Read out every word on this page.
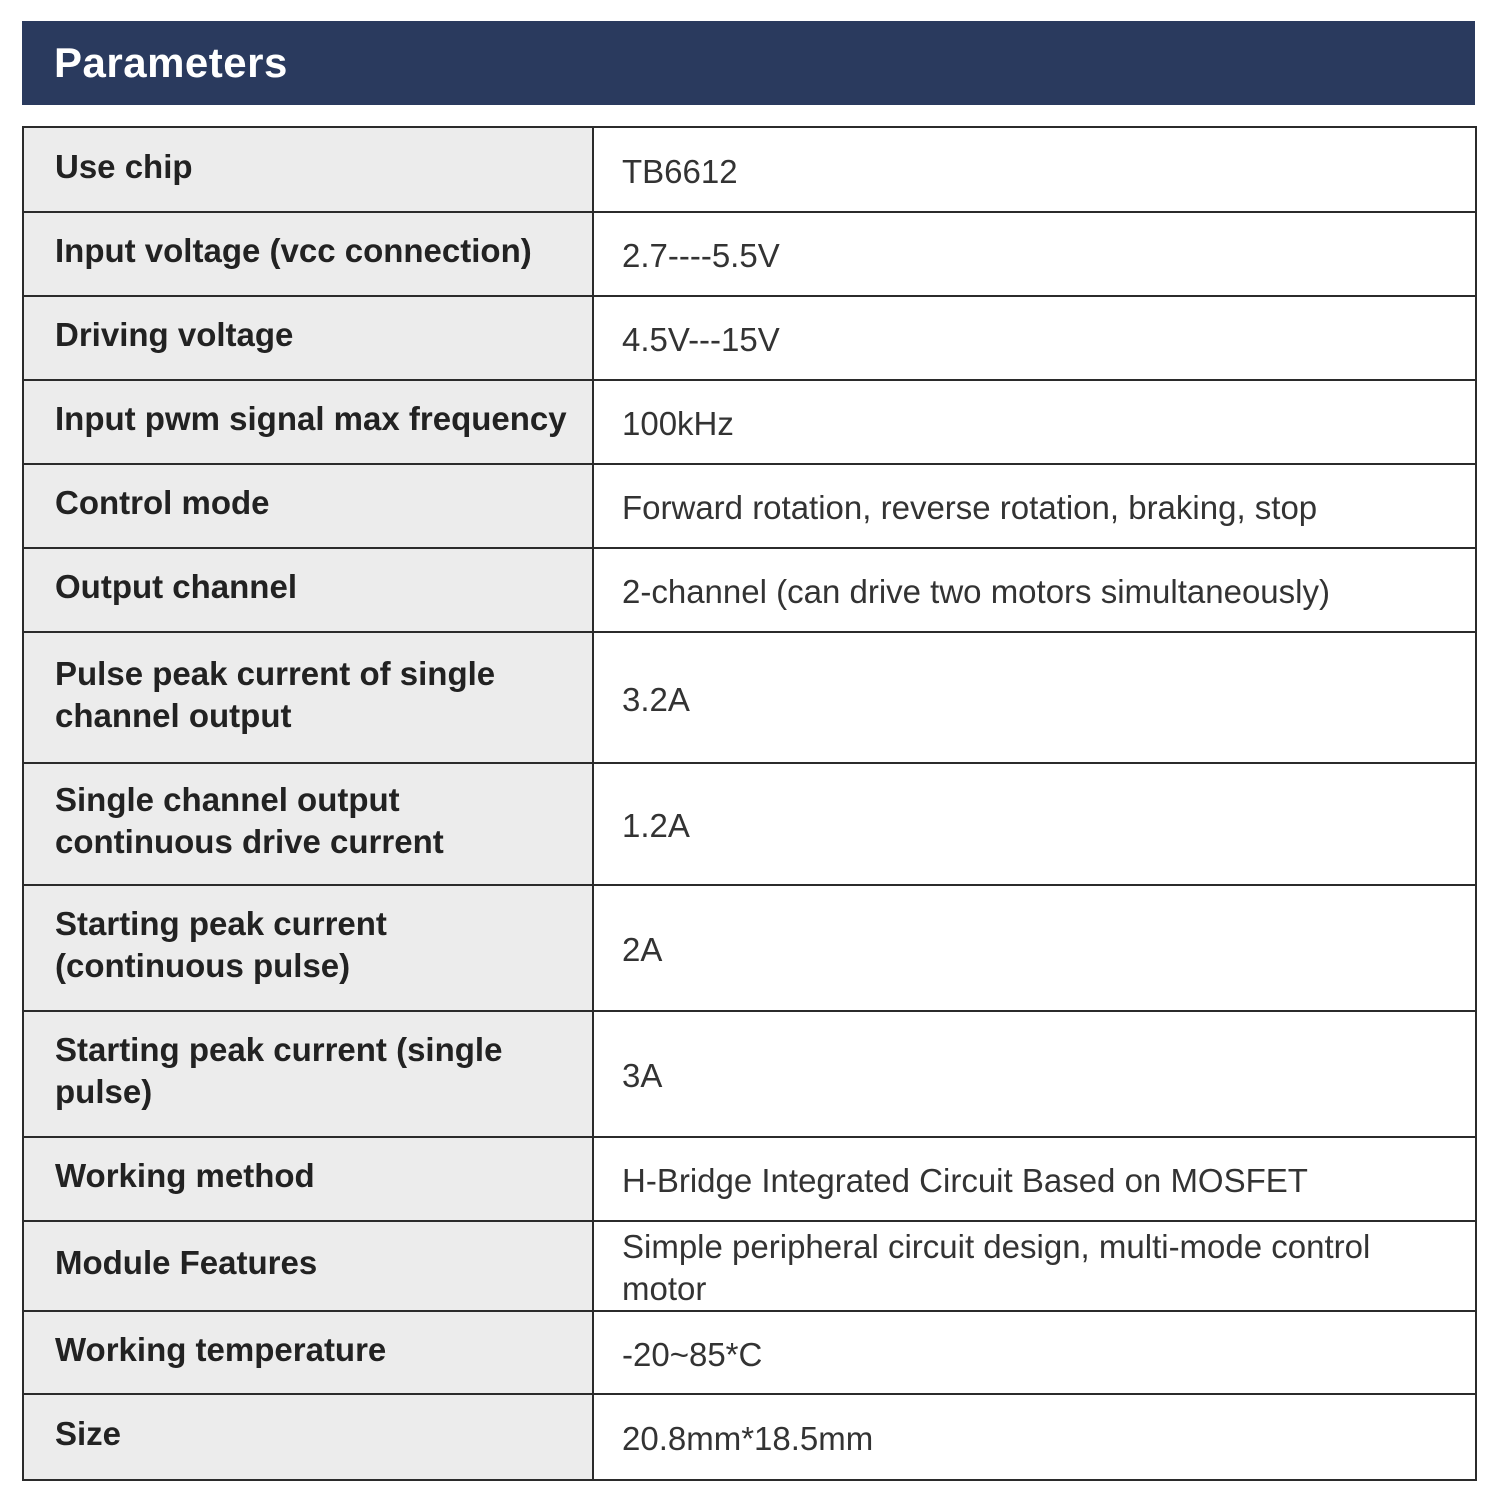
Parameters
Use chip	TB6612
Input voltage (vcc connection)	2.7----5.5V
Driving voltage	4.5V---15V
Input pwm signal max frequency	100kHz
Control mode	Forward rotation, reverse rotation, braking, stop
Output channel	2-channel (can drive two motors simultaneously)
Pulse peak current of single channel output	3.2A
Single channel output continuous drive current	1.2A
Starting peak current (continuous pulse)	2A
Starting peak current (single pulse)	3A
Working method	H-Bridge Integrated Circuit Based on MOSFET
Module Features	Simple peripheral circuit design, multi-mode control motor
Working temperature	-20~85*C
Size	20.8mm*18.5mm
